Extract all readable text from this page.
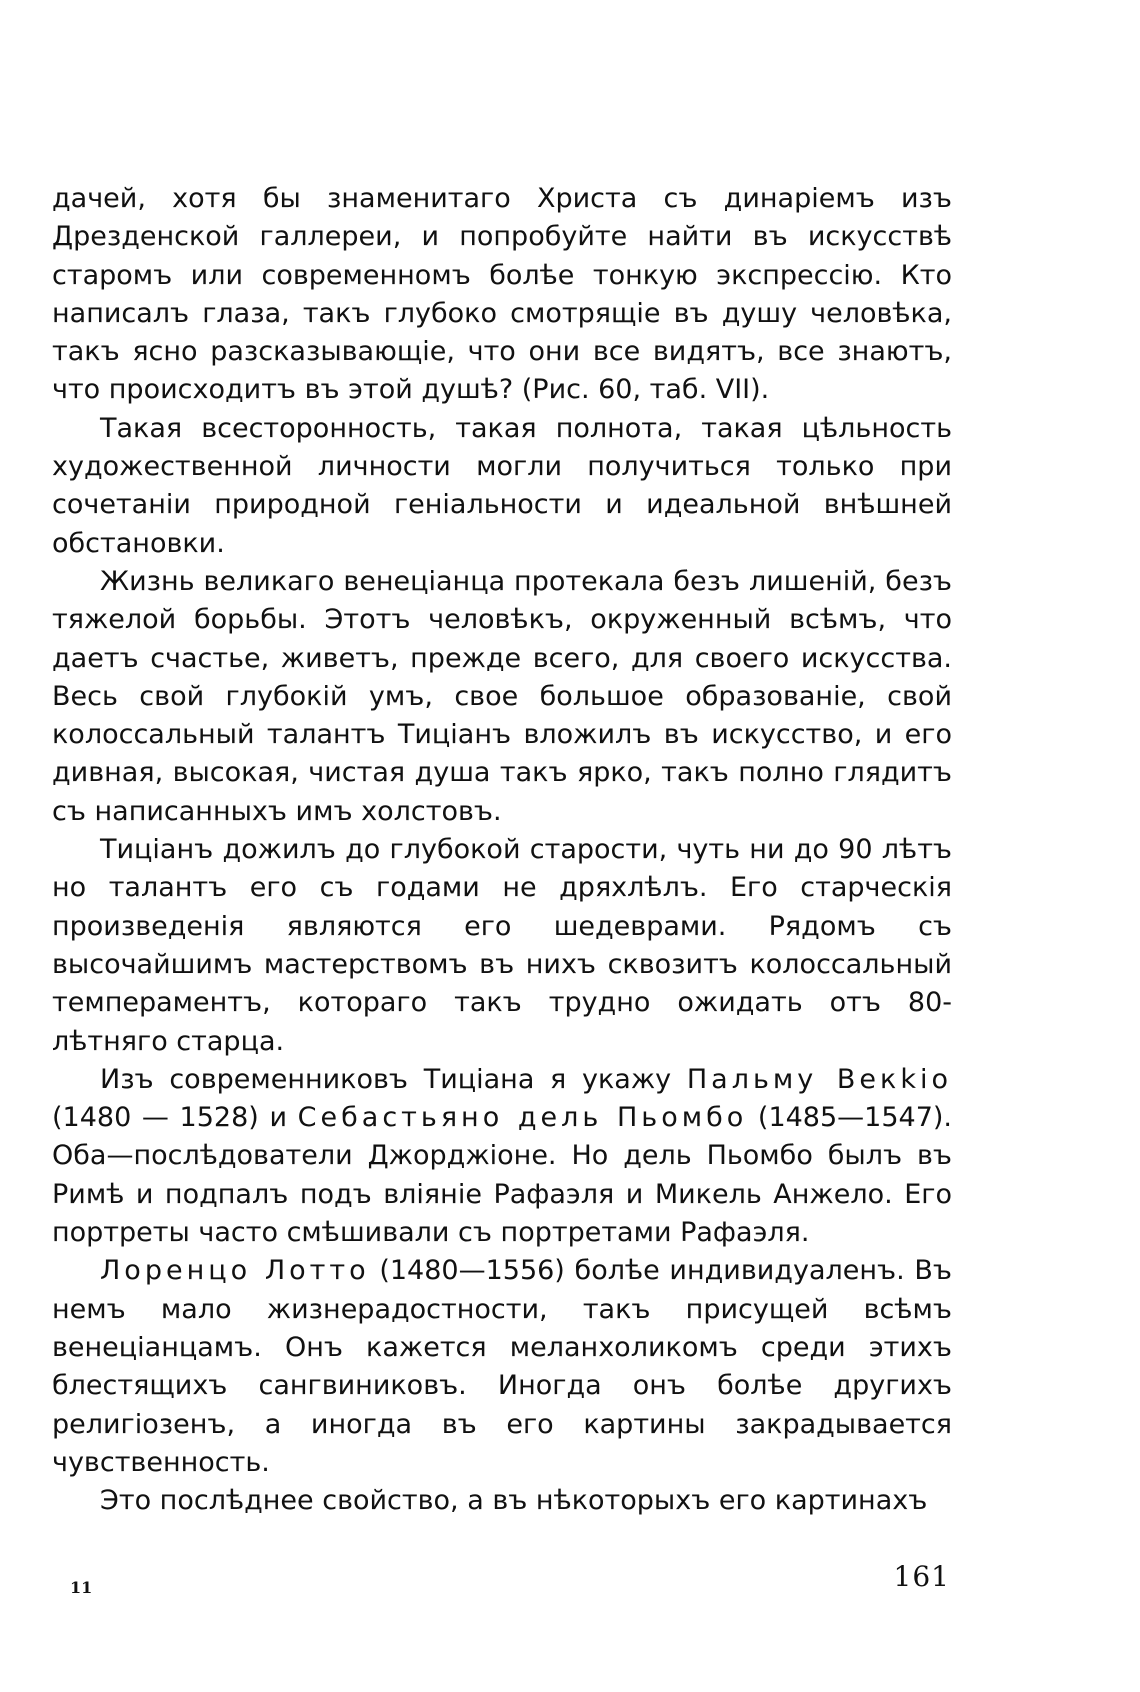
дачей, хотя бы знаменитаго Христа съ динаріемъ изъ Дрезденской галлереи, и попробуйте найти въ искусствѣ старомъ или современномъ болѣе тонкую экспрессію. Кто написалъ глаза, такъ глубоко смотрящіе въ душу человѣка, такъ ясно разсказывающіе, что они все видятъ, все знаютъ, что происходитъ въ этой душѣ? (Рис. 60, таб. VII).

Такая всесторонность, такая полнота, такая цѣльность художественной личности могли получиться только при сочетаніи природной геніальности и идеальной внѣшней обстановки.

Жизнь великаго венеціанца протекала безъ лишеній, безъ тяжелой борьбы. Этотъ человѣкъ, окруженный всѣмъ, что даетъ счастье, живетъ, прежде всего, для своего искусства. Весь свой глубокій умъ, свое большое образованіе, свой колоссальный талантъ Тиціанъ вложилъ въ искусство, и его дивная, высокая, чистая душа такъ ярко, такъ полно глядитъ съ написанныхъ имъ холстовъ.

Тиціанъ дожилъ до глубокой старости, чуть ни до 90 лѣтъ но талантъ его съ годами не дряхлѣлъ. Его старческія произведенія являются его шедеврами. Рядомъ съ высочайшимъ мастерствомъ въ нихъ сквозитъ колоссальный темпераментъ, котораго такъ трудно ожидать отъ 80-лѣтняго старца.

Изъ современниковъ Тиціана я укажу Пальму Векkіо (1480 — 1528) и Себастьяно дель Пьомбо (1485—1547). Оба—послѣдователи Джорджіоне. Но дель Пьомбо былъ въ Римѣ и подпалъ подъ вліяніе Рафаэля и Микель Анжело. Его портреты часто смѣшивали съ портретами Рафаэля.

Лоренцо Лотто (1480—1556) болѣе индивидуаленъ. Въ немъ мало жизнерадостности, такъ присущей всѣмъ венеціанцамъ. Онъ кажется меланхоликомъ среди этихъ блестящихъ сангвиниковъ. Иногда онъ болѣе другихъ религіозенъ, а иногда въ его картины закрадывается чувственность.

Это послѣднее свойство, а въ нѣкоторыхъ его картинахъ

11	161
